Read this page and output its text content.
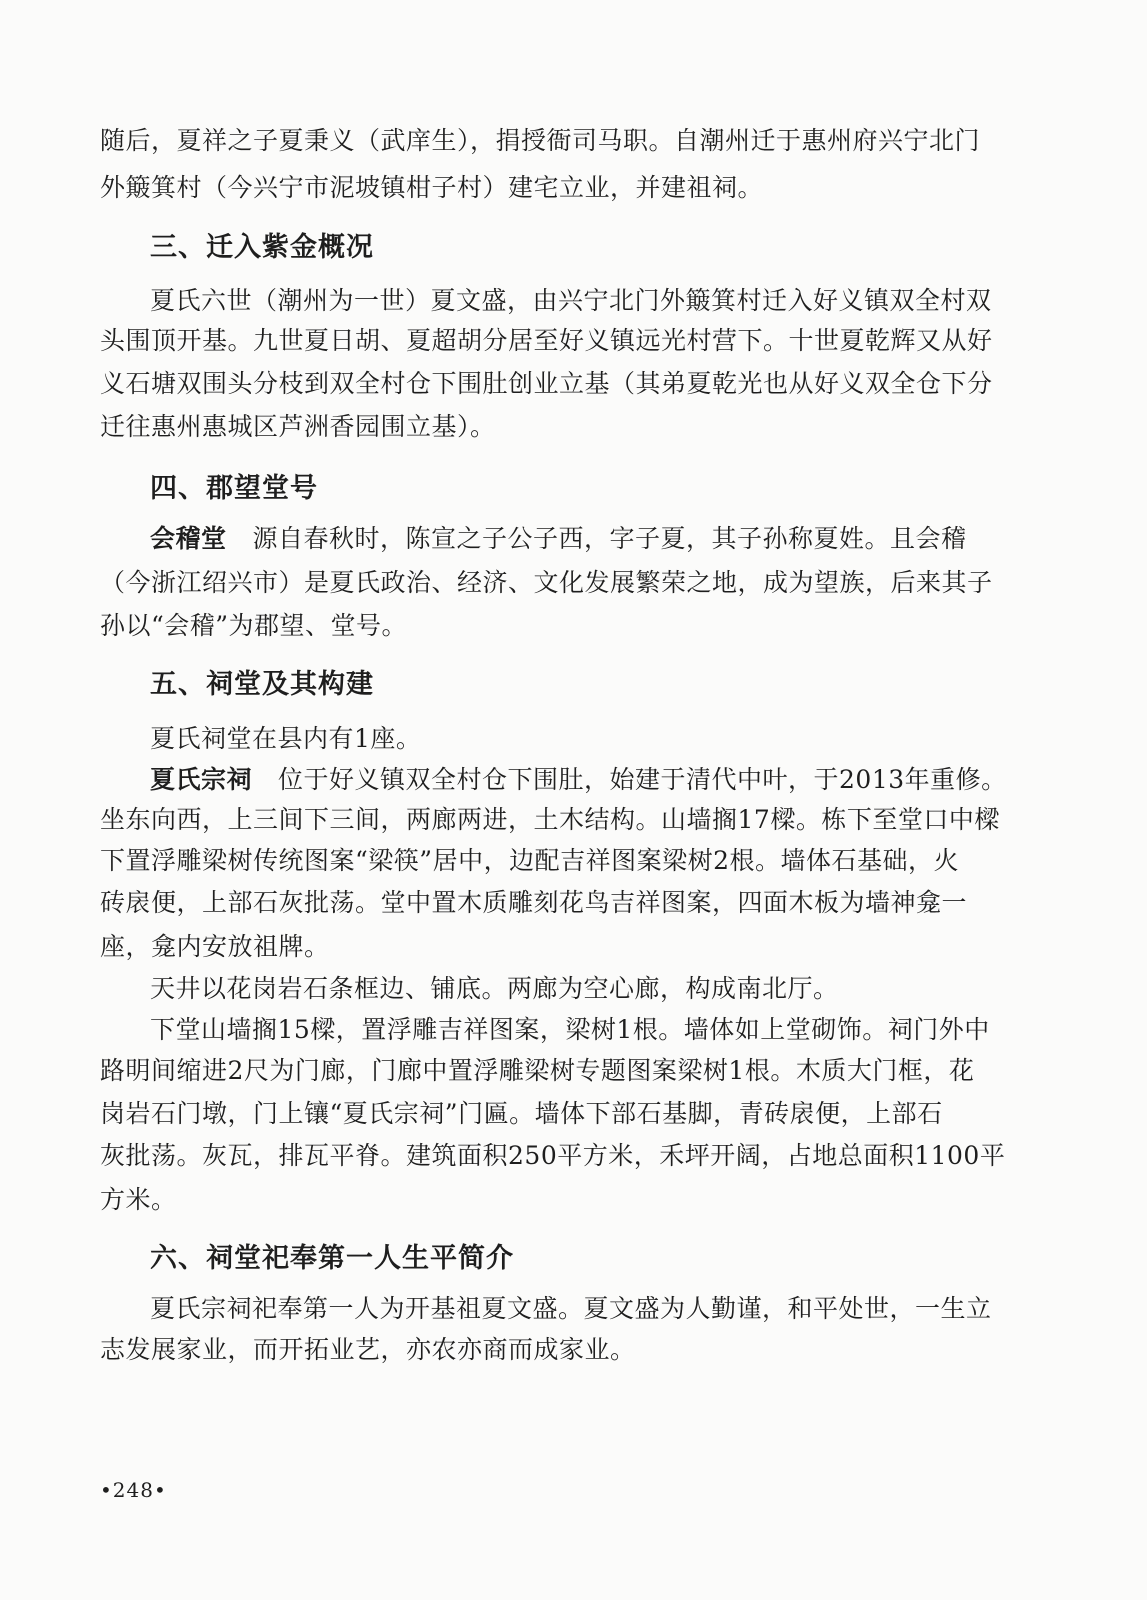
随后，夏祥之子夏秉义（武庠生），捐授衙司马职。自潮州迁于惠州府兴宁北门
外簸箕村（今兴宁市泥坡镇柑子村）建宅立业，并建祖祠。
三、迁入紫金概况
夏氏六世（潮州为一世）夏文盛，由兴宁北门外簸箕村迁入好义镇双全村双
头围顶开基。九世夏日胡、夏超胡分居至好义镇远光村营下。十世夏乾辉又从好
义石塘双围头分枝到双全村仓下围肚创业立基（其弟夏乾光也从好义双全仓下分
迁往惠州惠城区芦洲香园围立基）。
四、郡望堂号
会稽堂 源自春秋时，陈宣之子公子西，字子夏，其子孙称夏姓。且会稽
（今浙江绍兴市）是夏氏政治、经济、文化发展繁荣之地，成为望族，后来其子
孙以“会稽”为郡望、堂号。
五、祠堂及其构建
夏氏祠堂在县内有1座。
夏氏宗祠 位于好义镇双全村仓下围肚，始建于清代中叶，于2013年重修。
坐东向西，上三间下三间，两廊两进，土木结构。山墙搁17樑。栋下至堂口中樑
下置浮雕梁树传统图案“梁筷”居中，边配吉祥图案梁树2根。墙体石基础，火
砖扆便，上部石灰批荡。堂中置木质雕刻花鸟吉祥图案，四面木板为墙神龛一
座，龛内安放祖牌。
天井以花岗岩石条框边、铺底。两廊为空心廊，构成南北厅。
下堂山墙搁15樑，置浮雕吉祥图案，梁树1根。墙体如上堂砌饰。祠门外中
路明间缩进2尺为门廊，门廊中置浮雕梁树专题图案梁树1根。木质大门框，花
岗岩石门墩，门上镶“夏氏宗祠”门匾。墙体下部石基脚，青砖扆便，上部石
灰批荡。灰瓦，排瓦平脊。建筑面积250平方米，禾坪开阔，占地总面积1100平
方米。
六、祠堂祀奉第一人生平简介
夏氏宗祠祀奉第一人为开基祖夏文盛。夏文盛为人勤谨，和平处世，一生立
志发展家业，而开拓业艺，亦农亦商而成家业。
•248•
